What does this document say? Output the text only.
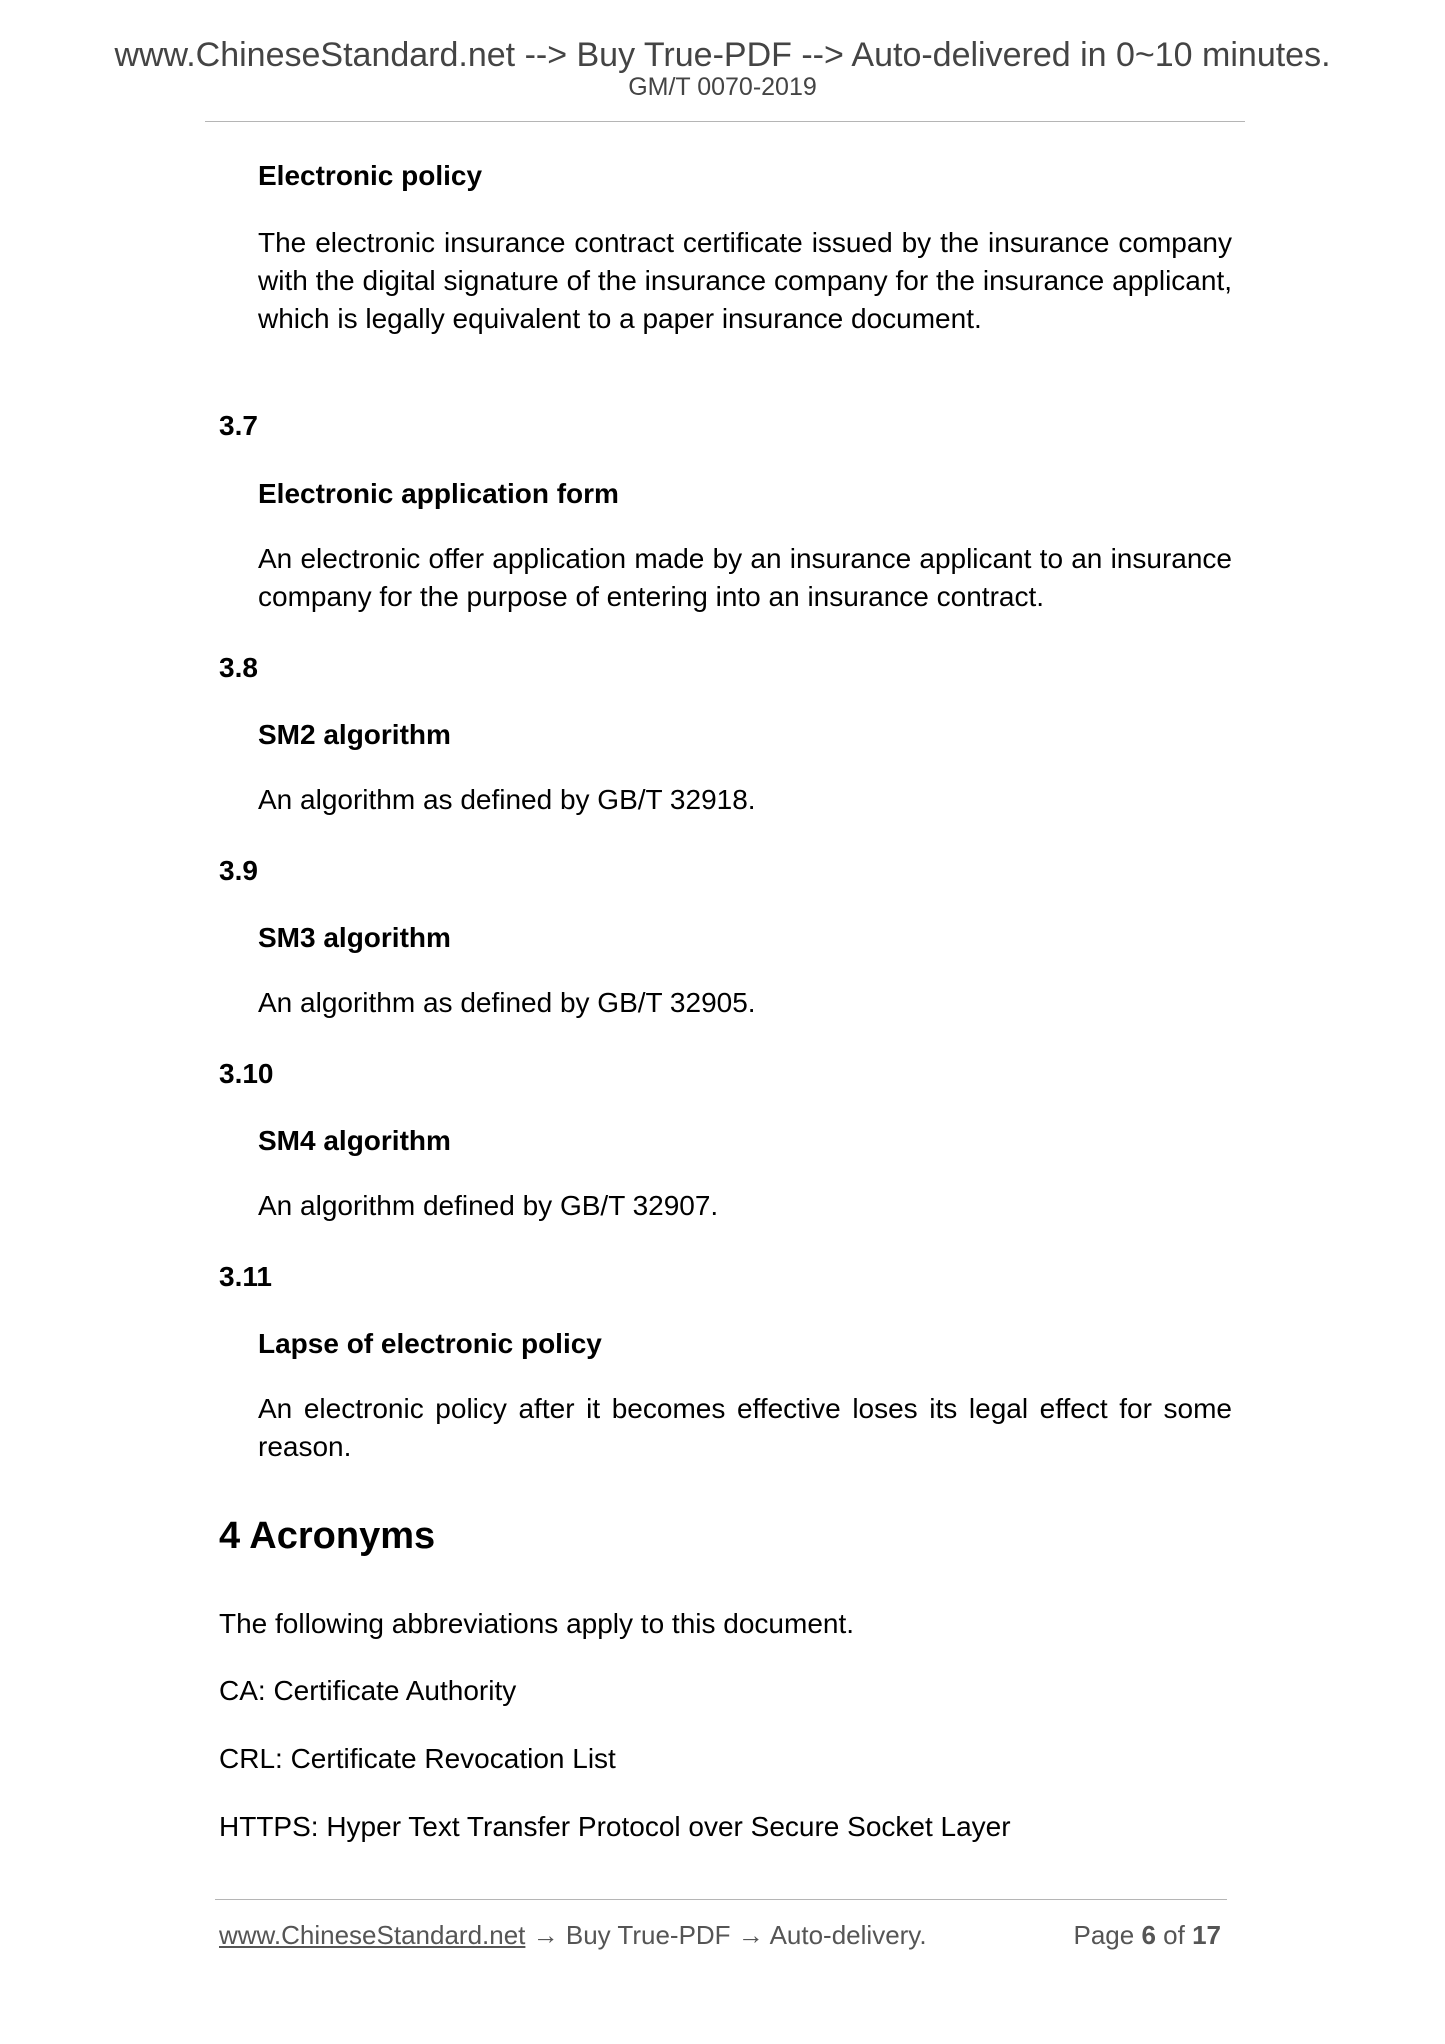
www.ChineseStandard.net --> Buy True-PDF --> Auto-delivered in 0~10 minutes.
GM/T 0070-2019
Electronic policy

The electronic insurance contract certificate issued by the insurance company with the digital signature of the insurance company for the insurance applicant, which is legally equivalent to a paper insurance document.

3.7
Electronic application form

An electronic offer application made by an insurance applicant to an insurance company for the purpose of entering into an insurance contract.

3.8
SM2 algorithm

An algorithm as defined by GB/T 32918.

3.9
SM3 algorithm

An algorithm as defined by GB/T 32905.

3.10
SM4 algorithm

An algorithm defined by GB/T 32907.

3.11
Lapse of electronic policy

An electronic policy after it becomes effective loses its legal effect for some reason.

4 Acronyms

The following abbreviations apply to this document.

CA: Certificate Authority

CRL: Certificate Revocation List

HTTPS: Hyper Text Transfer Protocol over Secure Socket Layer

www.ChineseStandard.net → Buy True-PDF → Auto-delivery.	Page 6 of 17
